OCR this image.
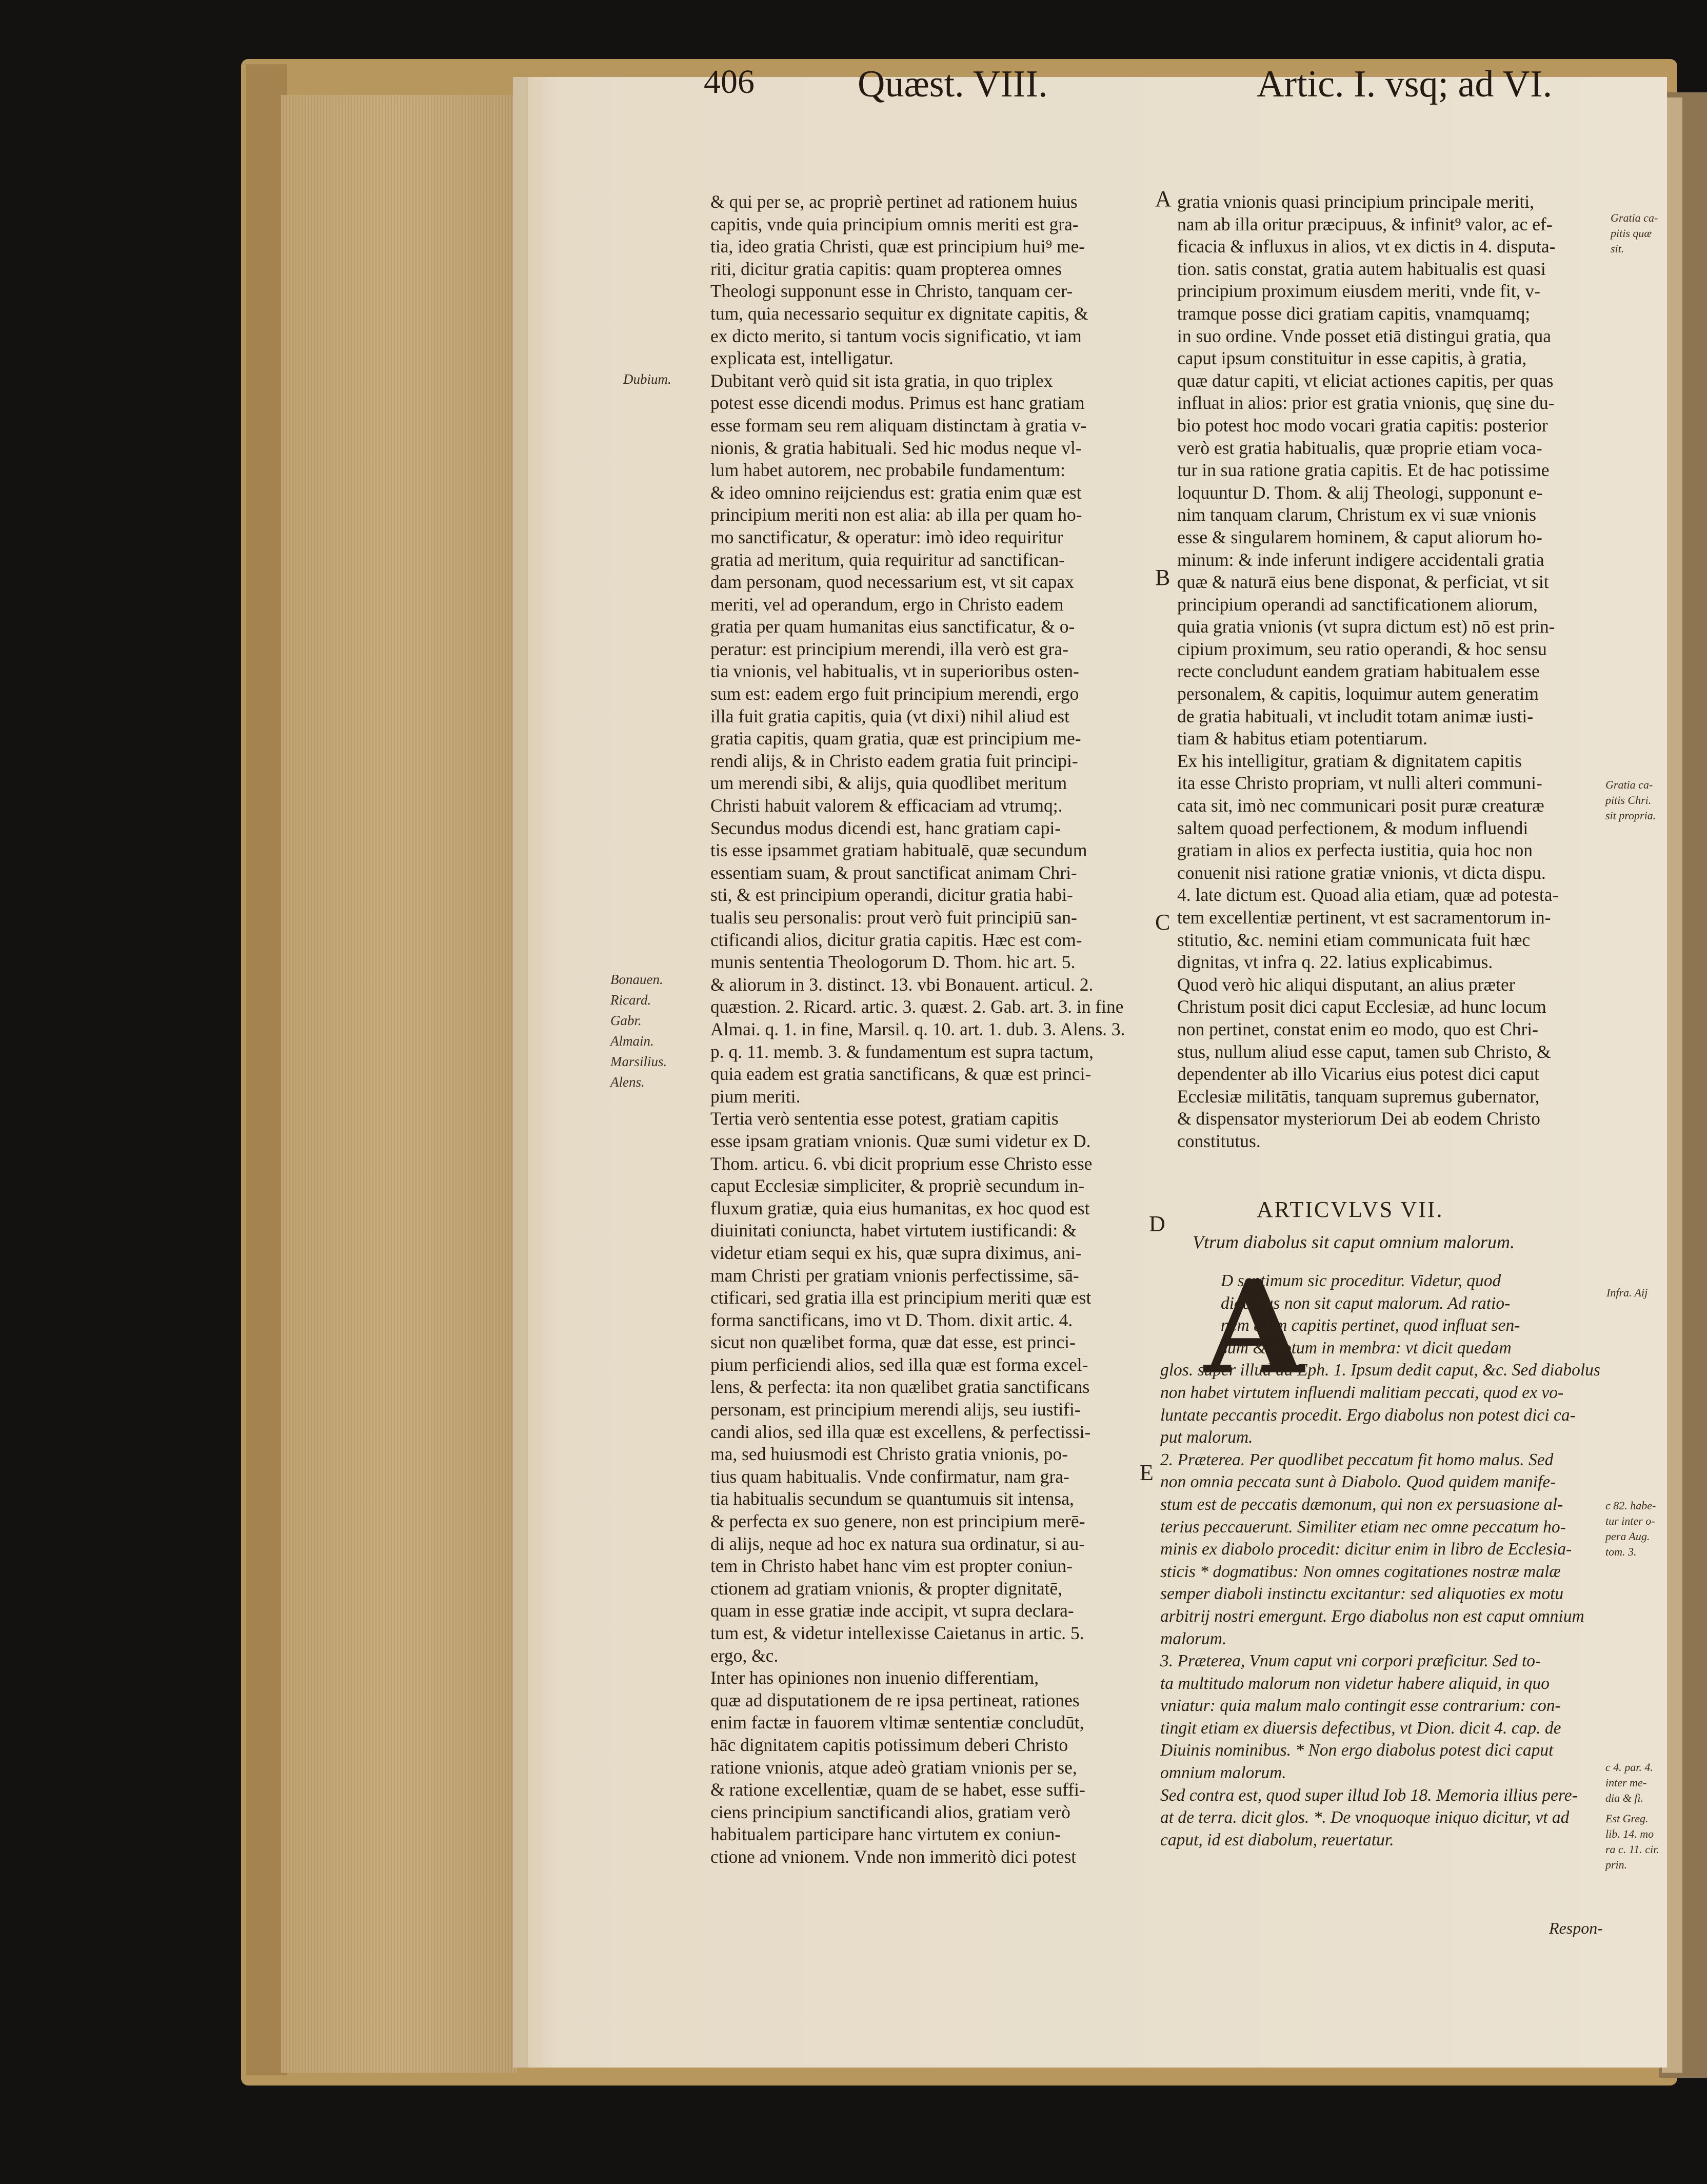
406	Quæst. VIII.	Artic. I. vsq; ad VI.
& qui per se, ac propriè pertinet ad rationem huius
capitis, vnde quia principium omnis meriti est gra-
tia, ideo gratia Christi, quæ est principium hui⁹ me-
riti, dicitur gratia capitis: quam propterea omnes
Theologi supponunt esse in Christo, tanquam cer-
tum, quia necessario sequitur ex dignitate capitis, &
ex dicto merito, si tantum vocis significatio, vt iam
explicata est, intelligatur.
Dubitant verò quid sit ista gratia, in quo triplex
potest esse dicendi modus. Primus est hanc gratiam
esse formam seu rem aliquam distinctam à gratia v-
nionis, & gratia habituali. Sed hic modus neque vl-
lum habet autorem, nec probabile fundamentum:
& ideo omnino reijciendus est: gratia enim quæ est
principium meriti non est alia: ab illa per quam ho-
mo sanctificatur, & operatur: imò ideo requiritur
gratia ad meritum, quia requiritur ad sanctifican-
dam personam, quod necessarium est, vt sit capax
meriti, vel ad operandum, ergo in Christo eadem
gratia per quam humanitas eius sanctificatur, & o-
peratur: est principium merendi, illa verò est gra-
tia vnionis, vel habitualis, vt in superioribus osten-
sum est: eadem ergo fuit principium merendi, ergo
illa fuit gratia capitis, quia (vt dixi) nihil aliud est
gratia capitis, quam gratia, quæ est principium me-
rendi alijs, & in Christo eadem gratia fuit principi-
um merendi sibi, & alijs, quia quodlibet meritum
Christi habuit valorem & efficaciam ad vtrumq;.
Secundus modus dicendi est, hanc gratiam capi-
tis esse ipsammet gratiam habitualē, quæ secundum
essentiam suam, & prout sanctificat animam Chri-
sti, & est principium operandi, dicitur gratia habi-
tualis seu personalis: prout verò fuit principiū san-
ctificandi alios, dicitur gratia capitis. Hæc est com-
munis sententia Theologorum D. Thom. hic art. 5.
& aliorum in 3. distinct. 13. vbi Bonauent. articul. 2.
quæstion. 2. Ricard. artic. 3. quæst. 2. Gab. art. 3. in fine
Almai. q. 1. in fine, Marsil. q. 10. art. 1. dub. 3. Alens. 3.
p. q. 11. memb. 3. & fundamentum est supra tactum,
quia eadem est gratia sanctificans, & quæ est princi-
pium meriti.
Tertia verò sententia esse potest, gratiam capitis
esse ipsam gratiam vnionis. Quæ sumi videtur ex D.
Thom. articu. 6. vbi dicit proprium esse Christo esse
caput Ecclesiæ simpliciter, & propriè secundum in-
fluxum gratiæ, quia eius humanitas, ex hoc quod est
diuinitati coniuncta, habet virtutem iustificandi: &
videtur etiam sequi ex his, quæ supra diximus, ani-
mam Christi per gratiam vnionis perfectissime, sā-
ctificari, sed gratia illa est principium meriti quæ est
forma sanctificans, imo vt D. Thom. dixit artic. 4.
sicut non quælibet forma, quæ dat esse, est princi-
pium perficiendi alios, sed illa quæ est forma excel-
lens, & perfecta: ita non quælibet gratia sanctificans
personam, est principium merendi alijs, seu iustifi-
candi alios, sed illa quæ est excellens, & perfectissi-
ma, sed huiusmodi est Christo gratia vnionis, po-
tius quam habitualis. Vnde confirmatur, nam gra-
tia habitualis secundum se quantumuis sit intensa,
& perfecta ex suo genere, non est principium merē-
di alijs, neque ad hoc ex natura sua ordinatur, si au-
tem in Christo habet hanc vim est propter coniun-
ctionem ad gratiam vnionis, & propter dignitatē,
quam in esse gratiæ inde accipit, vt supra declara-
tum est, & videtur intellexisse Caietanus in artic. 5.
ergo, &c.
Inter has opiniones non inuenio differentiam,
quæ ad disputationem de re ipsa pertineat, rationes
enim factæ in fauorem vltimæ sententiæ concludūt,
hāc dignitatem capitis potissimum deberi Christo
ratione vnionis, atque adeò gratiam vnionis per se,
& ratione excellentiæ, quam de se habet, esse suffi-
ciens principium sanctificandi alios, gratiam verò
habitualem participare hanc virtutem ex coniun-
ctione ad vnionem. Vnde non immeritò dici potest
gratia vnionis quasi principium principale meriti,
nam ab illa oritur præcipuus, & infinit⁹ valor, ac ef-
ficacia & influxus in alios, vt ex dictis in 4. disputa-
tion. satis constat, gratia autem habitualis est quasi
principium proximum eiusdem meriti, vnde fit, v-
tramque posse dici gratiam capitis, vnamquamq;
in suo ordine. Vnde posset etiā distingui gratia, qua
caput ipsum constituitur in esse capitis, à gratia,
quæ datur capiti, vt eliciat actiones capitis, per quas
influat in alios: prior est gratia vnionis, quę sine du-
bio potest hoc modo vocari gratia capitis: posterior
verò est gratia habitualis, quæ proprie etiam voca-
tur in sua ratione gratia capitis. Et de hac potissime
loquuntur D. Thom. & alij Theologi, supponunt e-
nim tanquam clarum, Christum ex vi suæ vnionis
esse & singularem hominem, & caput aliorum ho-
minum: & inde inferunt indigere accidentali gratia
quæ & naturā eius bene disponat, & perficiat, vt sit
principium operandi ad sanctificationem aliorum,
quia gratia vnionis (vt supra dictum est) nō est prin-
cipium proximum, seu ratio operandi, & hoc sensu
recte concludunt eandem gratiam habitualem esse
personalem, & capitis, loquimur autem generatim
de gratia habituali, vt includit totam animæ iusti-
tiam & habitus etiam potentiarum.
Ex his intelligitur, gratiam & dignitatem capitis
ita esse Christo propriam, vt nulli alteri communi-
cata sit, imò nec communicari posit puræ creaturæ
saltem quoad perfectionem, & modum influendi
gratiam in alios ex perfecta iustitia, quia hoc non
conuenit nisi ratione gratiæ vnionis, vt dicta dispu.
4. late dictum est. Quoad alia etiam, quæ ad potesta-
tem excellentiæ pertinent, vt est sacramentorum in-
stitutio, &c. nemini etiam communicata fuit hæc
dignitas, vt infra q. 22. latius explicabimus.
Quod verò hic aliqui disputant, an alius præter
Christum posit dici caput Ecclesiæ, ad hunc locum
non pertinet, constat enim eo modo, quo est Chri-
stus, nullum aliud esse caput, tamen sub Christo, &
dependenter ab illo Vicarius eius potest dici caput
Ecclesiæ militātis, tanquam supremus gubernator,
& dispensator mysteriorum Dei ab eodem Christo
constitutus.
ARTICVLVS VII.
Vtrum diabolus sit caput omnium malorum.
A
D septimum sic proceditur. Videtur, quod
diabolus non sit caput malorum. Ad ratio-
nem enim capitis pertinet, quod influat sen-
sum & motum in membra: vt dicit quedam
glos. super illud ad Eph. 1. Ipsum dedit caput, &c. Sed diabolus
non habet virtutem influendi malitiam peccati, quod ex vo-
luntate peccantis procedit. Ergo diabolus non potest dici ca-
put malorum.
2. Præterea. Per quodlibet peccatum fit homo malus. Sed
non omnia peccata sunt à Diabolo. Quod quidem manife-
stum est de peccatis dæmonum, qui non ex persuasione al-
terius peccauerunt. Similiter etiam nec omne peccatum ho-
minis ex diabolo procedit: dicitur enim in libro de Ecclesia-
sticis * dogmatibus: Non omnes cogitationes nostræ malæ
semper diaboli instinctu excitantur: sed aliquoties ex motu
arbitrij nostri emergunt. Ergo diabolus non est caput omnium
malorum.
3. Præterea, Vnum caput vni corpori præficitur. Sed to-
ta multitudo malorum non videtur habere aliquid, in quo
vniatur: quia malum malo contingit esse contrarium: con-
tingit etiam ex diuersis defectibus, vt Dion. dicit 4. cap. de
Diuinis nominibus. * Non ergo diabolus potest dici caput
omnium malorum.
Sed contra est, quod super illud Iob 18. Memoria illius pere-
at de terra. dicit glos. *. De vnoquoque iniquo dicitur, vt ad
caput, id est diabolum, reuertatur.
Respon-
A
B
C
D
E
Dubium.
Bonauen.
Ricard.
Gabr.
Almain.
Marsilius.
Alens.
Gratia ca-
pitis quæ
sit.
Gratia ca-
pitis Chri.
sit propria.
Infra. Aij
c 82. habe-
tur inter o-
pera Aug.
tom. 3.
c 4. par. 4.
inter me-
dia & fi.
Est Greg.
lib. 14. mo
ra c. 11. cir.
prin.
